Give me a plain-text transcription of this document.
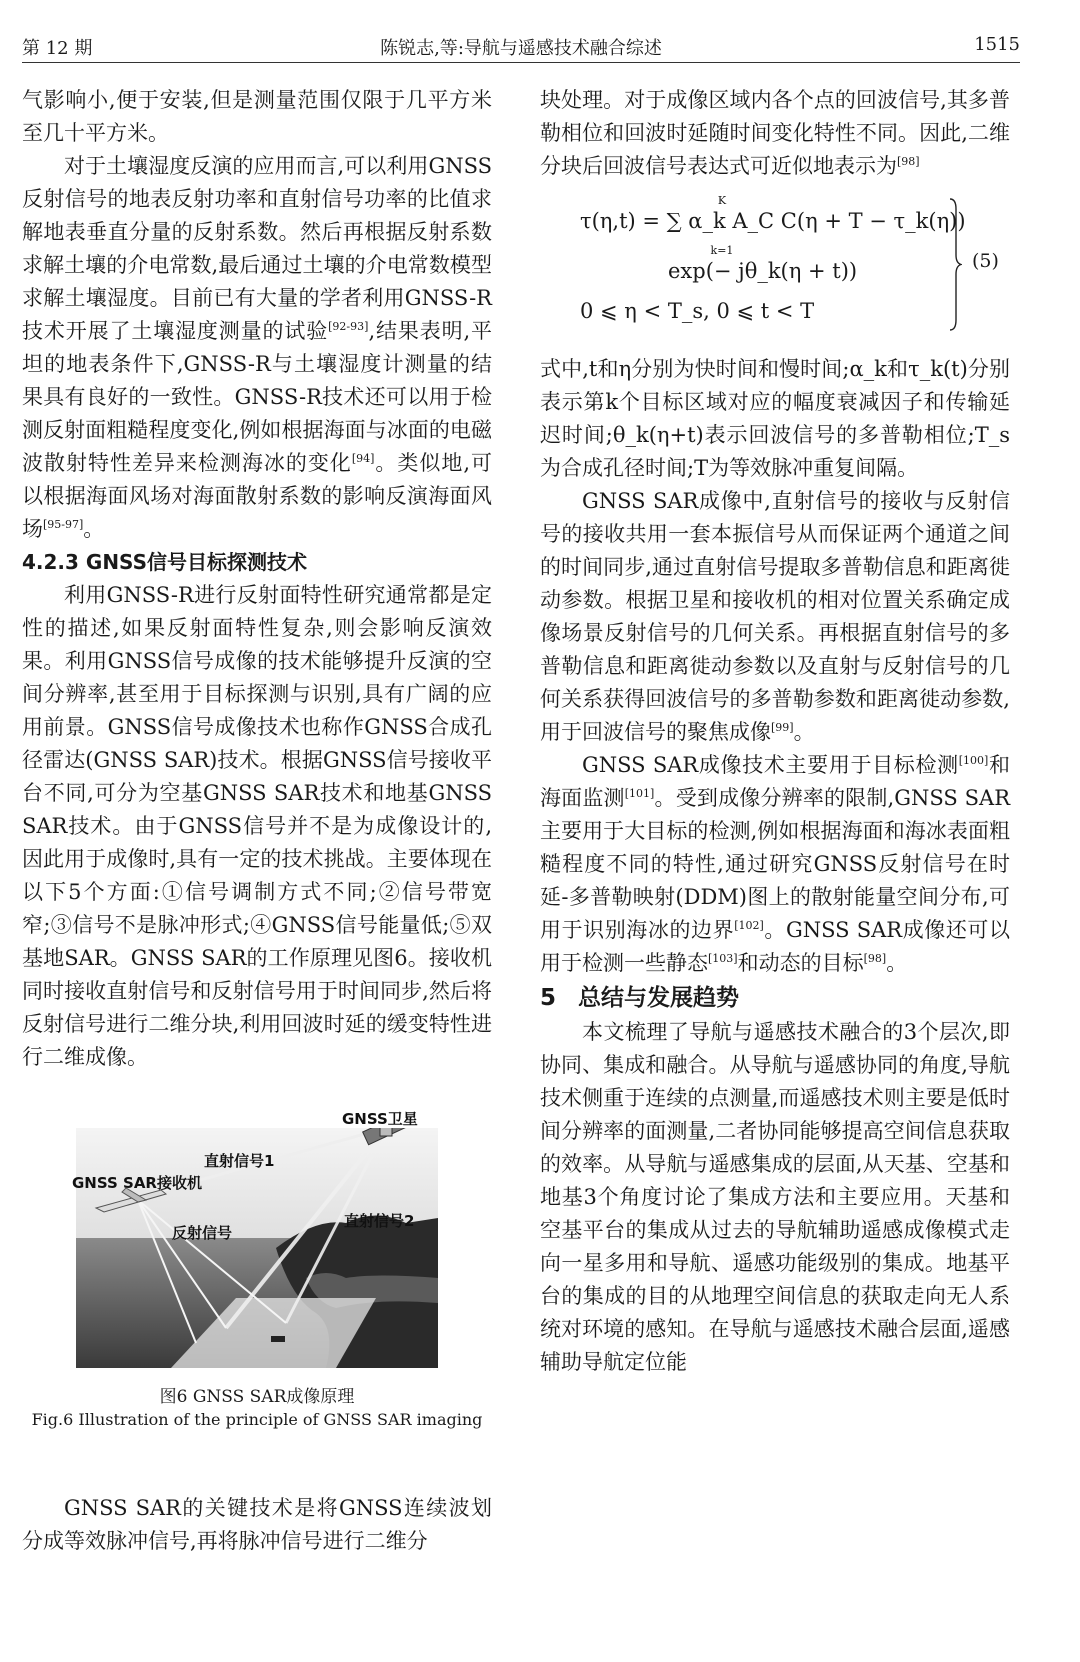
第 12 期	陈锐志,等:导航与遥感技术融合综述	1515

气影响小,便于安装,但是测量范围仅限于几平方米至几十平方米。

对于土壤湿度反演的应用而言,可以利用GNSS反射信号的地表反射功率和直射信号功率的比值求解地表垂直分量的反射系数。然后再根据反射系数求解土壤的介电常数,最后通过土壤的介电常数模型求解土壤湿度。目前已有大量的学者利用GNSS-R技术开展了土壤湿度测量的试验[92-93],结果表明,平坦的地表条件下,GNSS-R与土壤湿度计测量的结果具有良好的一致性。GNSS-R技术还可以用于检测反射面粗糙程度变化,例如根据海面与冰面的电磁波散射特性差异来检测海冰的变化[94]。类似地,可以根据海面风场对海面散射系数的影响反演海面风场[95-97]。

4.2.3 GNSS信号目标探测技术

利用GNSS-R进行反射面特性研究通常都是定性的描述,如果反射面特性复杂,则会影响反演效果。利用GNSS信号成像的技术能够提升反演的空间分辨率,甚至用于目标探测与识别,具有广阔的应用前景。GNSS信号成像技术也称作GNSS合成孔径雷达(GNSS SAR)技术。根据GNSS信号接收平台不同,可分为空基GNSS SAR技术和地基GNSS SAR技术。由于GNSS信号并不是为成像设计的,因此用于成像时,具有一定的技术挑战。主要体现在以下5个方面:①信号调制方式不同;②信号带宽窄;③信号不是脉冲形式;④GNSS信号能量低;⑤双基地SAR。GNSS SAR的工作原理见图6。接收机同时接收直射信号和反射信号用于时间同步,然后将反射信号进行二维分块,利用回波时延的缓变特性进行二维成像。

GNSS卫星
直射信号1
GNSS SAR接收机
反射信号
直射信号2
图6 GNSS SAR成像原理
Fig.6 Illustration of the principle of GNSS SAR imaging

GNSS SAR的关键技术是将GNSS连续波划分成等效脉冲信号,再将脉冲信号进行二维分

块处理。对于成像区域内各个点的回波信号,其多普勒相位和回波时延随时间变化特性不同。因此,二维分块后回波信号表达式可近似地表示为[98]

K
k=1
τ(η,t) = ∑ α_k A_C C(η + T − τ_k(η))
exp(− jθ_k(η + t))
0 ⩽ η < T_s, 0 ⩽ t < T
(5)

式中,t和η分别为快时间和慢时间;α_k和τ_k(t)分别表示第k个目标区域对应的幅度衰减因子和传输延迟时间;θ_k(η+t)表示回波信号的多普勒相位;T_s为合成孔径时间;T为等效脉冲重复间隔。

GNSS SAR成像中,直射信号的接收与反射信号的接收共用一套本振信号从而保证两个通道之间的时间同步,通过直射信号提取多普勒信息和距离徙动参数。根据卫星和接收机的相对位置关系确定成像场景反射信号的几何关系。再根据直射信号的多普勒信息和距离徙动参数以及直射与反射信号的几何关系获得回波信号的多普勒参数和距离徙动参数,用于回波信号的聚焦成像[99]。

GNSS SAR成像技术主要用于目标检测[100]和海面监测[101]。受到成像分辨率的限制,GNSS SAR主要用于大目标的检测,例如根据海面和海冰表面粗糙程度不同的特性,通过研究GNSS反射信号在时延-多普勒映射(DDM)图上的散射能量空间分布,可用于识别海冰的边界[102]。GNSS SAR成像还可以用于检测一些静态[103]和动态的目标[98]。

5 总结与发展趋势

本文梳理了导航与遥感技术融合的3个层次,即协同、集成和融合。从导航与遥感协同的角度,导航技术侧重于连续的点测量,而遥感技术则主要是低时间分辨率的面测量,二者协同能够提高空间信息获取的效率。从导航与遥感集成的层面,从天基、空基和地基3个角度讨论了集成方法和主要应用。天基和空基平台的集成从过去的导航辅助遥感成像模式走向一星多用和导航、遥感功能级别的集成。地基平台的集成的目的从地理空间信息的获取走向无人系统对环境的感知。在导航与遥感技术融合层面,遥感辅助导航定位能
